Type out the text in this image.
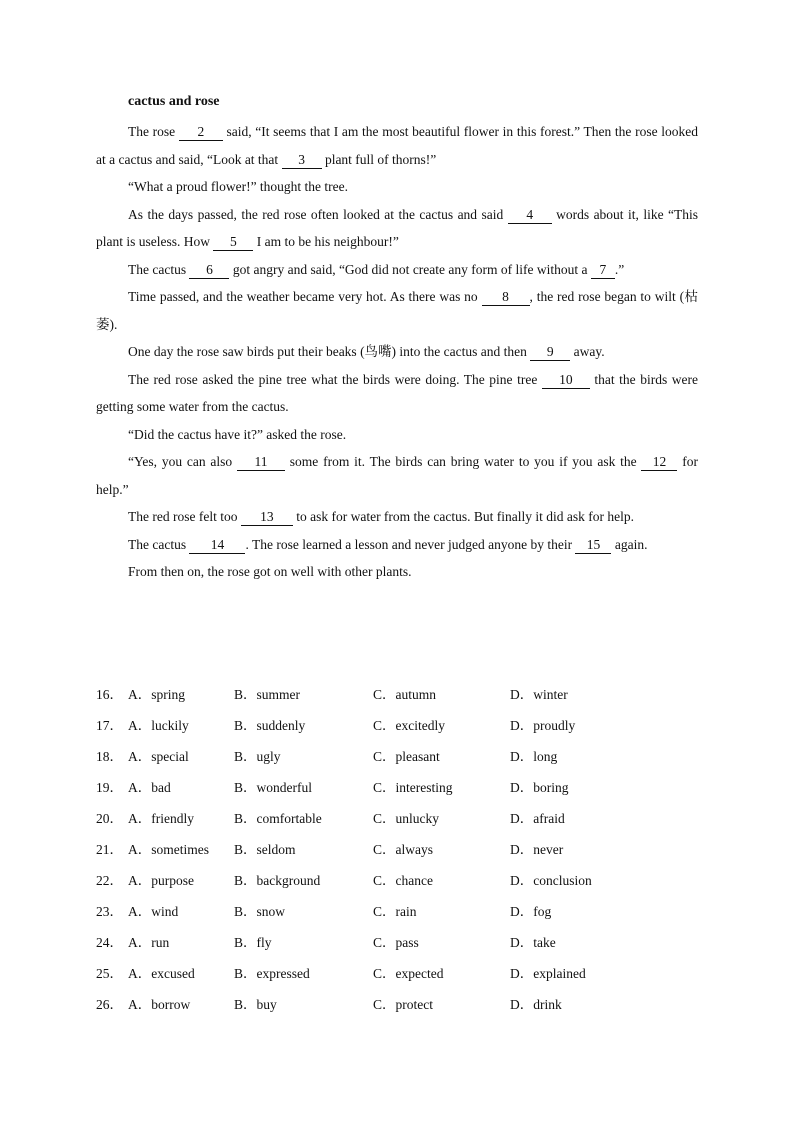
cactus and rose

The rose 2 said, “It seems that I am the most beautiful flower in this forest.” Then the rose looked at a cactus and said, “Look at that 3 plant full of thorns!”

“What a proud flower!” thought the tree.

As the days passed, the red rose often looked at the cactus and said 4 words about it, like “This plant is useless. How 5 I am to be his neighbour!”

The cactus 6 got angry and said, “God did not create any form of life without a 7 .”

Time passed, and the weather became very hot. As there was no 8 , the red rose began to wilt (枯萎).

One day the rose saw birds put their beaks (鸟嘴) into the cactus and then 9 away.

The red rose asked the pine tree what the birds were doing. The pine tree 10 that the birds were getting some water from the cactus.

“Did the cactus have it?” asked the rose.

“Yes, you can also 11 some from it. The birds can bring water to you if you ask the 12 for help.”

The red rose felt too 13 to ask for water from the cactus. But finally it did ask for help.

The cactus 14 . The rose learned a lesson and never judged anyone by their 15 again.

From then on, the rose got on well with other plants.

16． A．spring	B．summer	C．autumn	D．winter
17． A．luckily	B．suddenly	C．excitedly	D．proudly
18． A．special	B．ugly	C．pleasant	D．long
19． A．bad	B．wonderful	C．interesting	D．boring
20． A．friendly	B．comfortable	C．unlucky	D．afraid
21． A．sometimes B．seldom	C．always	D．never
22． A．purpose	B．background	C．chance	D．conclusion
23． A．wind	B．snow	C．rain	D．fog
24． A．run	B．fly	C．pass	D．take
25． A．excused	B．expressed	C．expected	D．explained
26． A．borrow	B．buy	C．protect	D．drink
